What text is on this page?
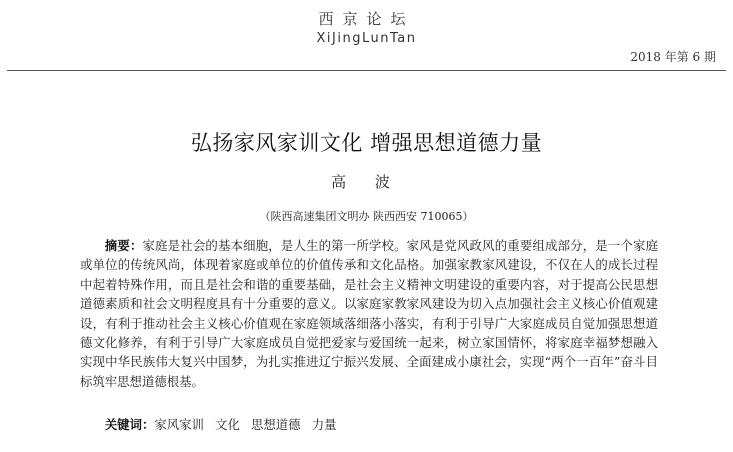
西京论坛
XiJingLunTan
2018 年第 6 期
弘扬家风家训文化 增强思想道德力量
高 波
（陕西高速集团文明办 陕西西安 710065）
摘要：家庭是社会的基本细胞，是人生的第一所学校。家风是党风政风的重要组成部分，是一个家庭或单位的传统风尚，体现着家庭或单位的价值传承和文化品格。加强家教家风建设，不仅在人的成长过程中起着特殊作用，而且是社会和谐的重要基础，是社会主义精神文明建设的重要内容，对于提高公民思想道德素质和社会文明程度具有十分重要的意义。以家庭家教家风建设为切入点加强社会主义核心价值观建设，有利于推动社会主义核心价值观在家庭领域落细落小落实，有利于引导广大家庭成员自觉加强思想道德文化修养，有利于引导广大家庭成员自觉把爱家与爱国统一起来，树立家国情怀，将家庭幸福梦想融入实现中华民族伟大复兴中国梦，为扎实推进辽宁振兴发展、全面建成小康社会，实现“两个一百年”奋斗目标筑牢思想道德根基。
关键词：家风家训 文化 思想道德 力量
